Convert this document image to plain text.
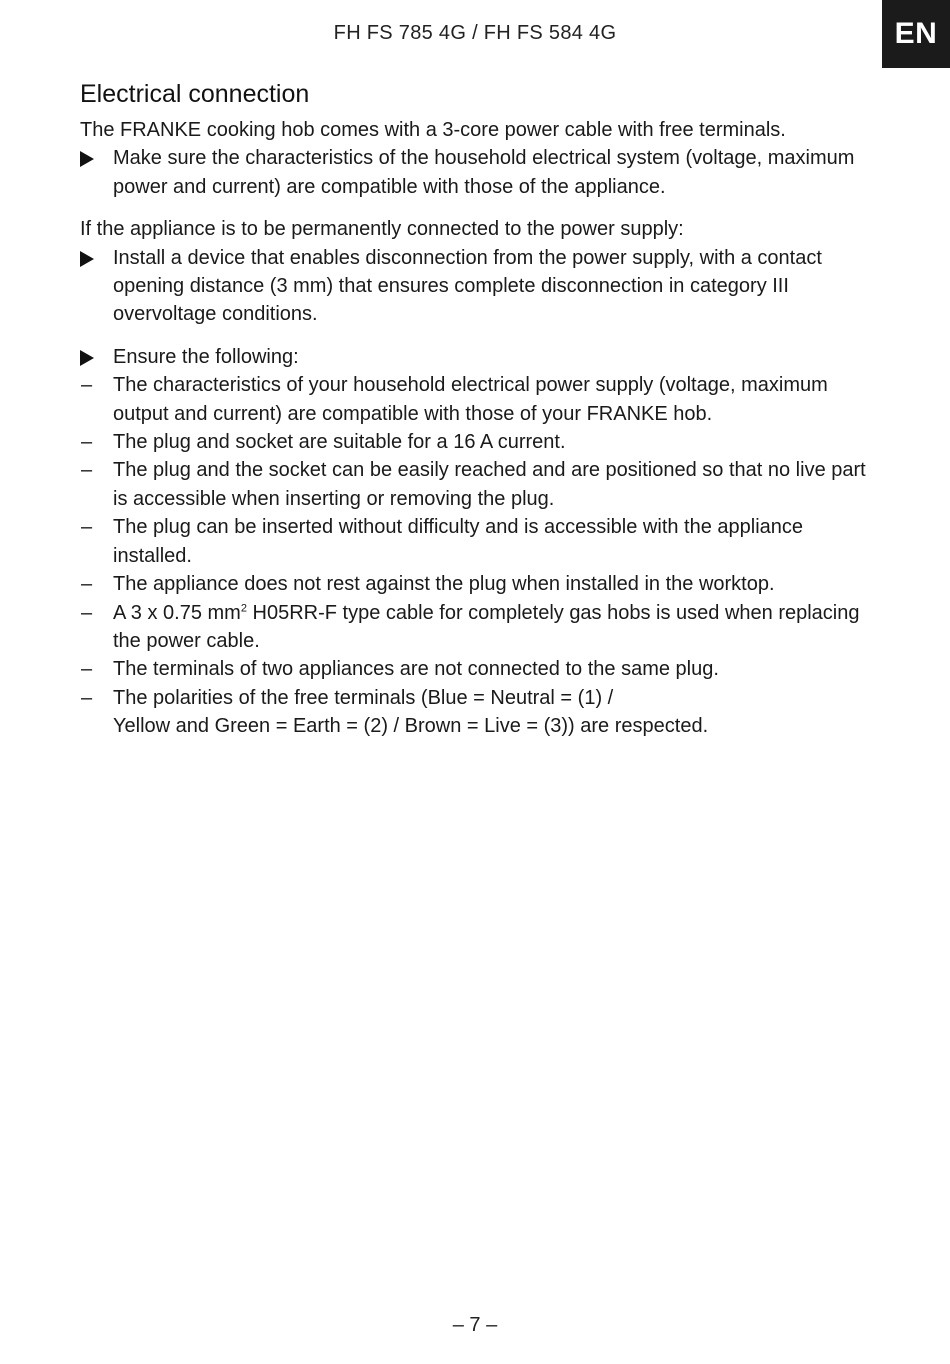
FH FS 785 4G / FH FS 584 4G	EN
Electrical connection

The FRANKE cooking hob comes with a 3-core power cable with free terminals.

Make sure the characteristics of the household electrical system (voltage, maximum power and current) are compatible with those of the appliance.

If the appliance is to be permanently connected to the power supply:

Install a device that enables disconnection from the power supply, with a contact opening distance (3 mm) that ensures complete disconnection in category III overvoltage conditions.
Ensure the following:
–	The characteristics of your household electrical power supply (voltage, maximum output and current) are compatible with those of your FRANKE hob.
–	The plug and socket are suitable for a 16 A current.
–	The plug and the socket can be easily reached and are positioned so that no live part is accessible when inserting or removing the plug.
–	The plug can be inserted without difficulty and is accessible with the appliance installed.
–	The appliance does not rest against the plug when installed in the worktop.
–	A 3 x 0.75 $mm^2$ H05RR-F type cable for completely gas hobs is used when replacing the power cable.
–	The terminals of two appliances are not connected to the same plug.
–	The polarities of the free terminals (Blue = Neutral = (1) /
Yellow and Green = Earth = (2) / Brown = Live = (3)) are respected.
– 7 –
